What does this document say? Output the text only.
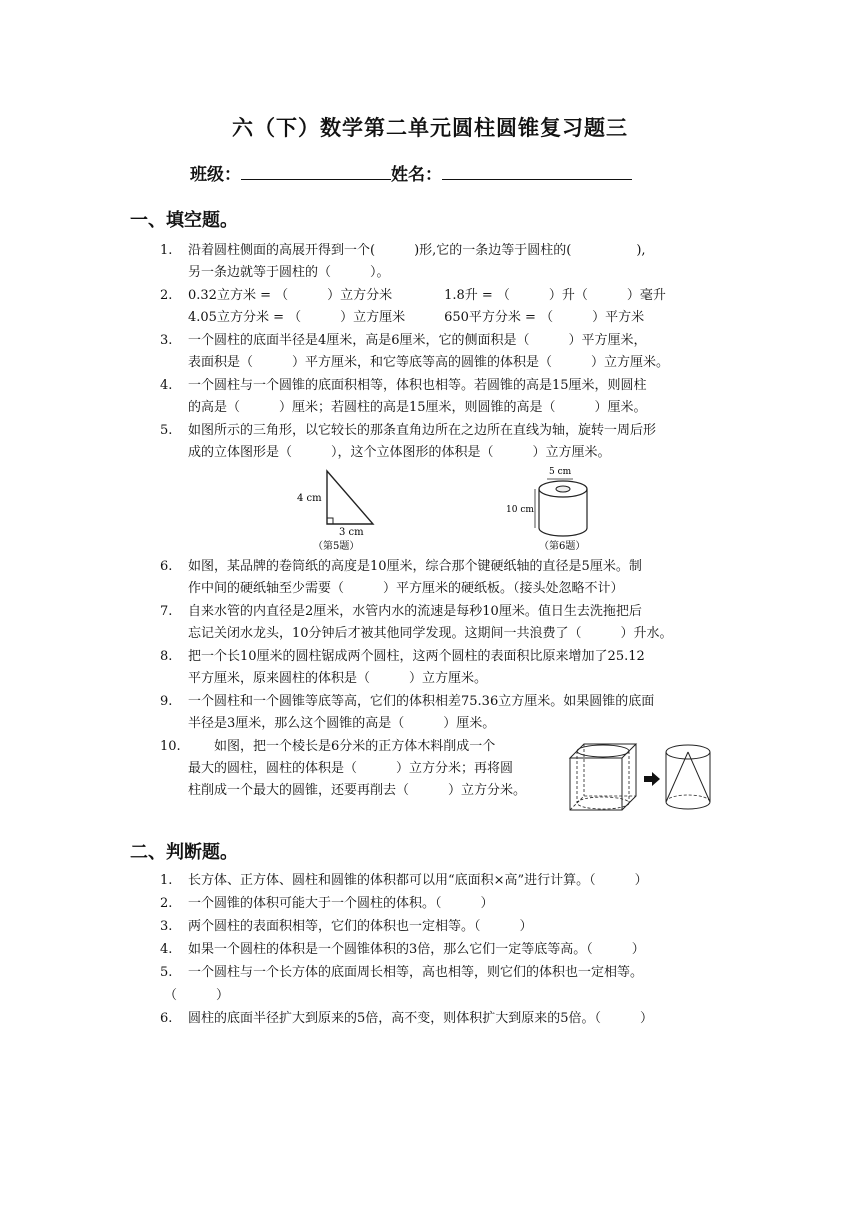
六（下）数学第二单元圆柱圆锥复习题三
班级：	姓名：
一、填空题。
1. 沿着圆柱侧面的高展开得到一个(　　　)形,它的一条边等于圆柱的(　　　　　),
另一条边就等于圆柱的（　　　）。
2. 0.32立方米 = （　　　）立方分米　　　　1.8升 = （　　　）升（　　　）毫升
4.05立方分米 = （　　　）立方厘米　　　650平方分米 = （　　　）平方米
3. 一个圆柱的底面半径是4厘米，高是6厘米，它的侧面积是（　　　）平方厘米，
表面积是（　　　）平方厘米，和它等底等高的圆锥的体积是（　　　）立方厘米。
4. 一个圆柱与一个圆锥的底面积相等，体积也相等。若圆锥的高是15厘米，则圆柱
的高是（　　　）厘米；若圆柱的高是15厘米，则圆锥的高是（　　　）厘米。
5. 如图所示的三角形，以它较长的那条直角边所在之边所在直线为轴，旋转一周后形
成的立体图形是（　　　），这个立体图形的体积是（　　　）立方厘米。
4 cm
3 cm
（第5题）
5 cm
10 cm
（第6题）
6. 如图，某品牌的卷筒纸的高度是10厘米，综合那个键硬纸轴的直径是5厘米。制
作中间的硬纸轴至少需要（　　　）平方厘米的硬纸板。（接头处忽略不计）
7. 自来水管的内直径是2厘米，水管内水的流速是每秒10厘米。值日生去洗拖把后
忘记关闭水龙头，10分钟后才被其他同学发现。这期间一共浪费了（　　　）升水。
8. 把一个长10厘米的圆柱锯成两个圆柱，这两个圆柱的表面积比原来增加了25.12
平方厘米，原来圆柱的体积是（　　　）立方厘米。
9. 一个圆柱和一个圆锥等底等高，它们的体积相差75.36立方厘米。如果圆锥的底面
半径是3厘米，那么这个圆锥的高是（　　　）厘米。
10.　　如图，把一个棱长是6分米的正方体木料削成一个
最大的圆柱，圆柱的体积是（　　　）立方分米；再将圆
柱削成一个最大的圆锥，还要再削去（　　　）立方分米。
二、判断题。
1. 长方体、正方体、圆柱和圆锥的体积都可以用“底面积×高”进行计算。（　　　）
2. 一个圆锥的体积可能大于一个圆柱的体积。（　　　）
3. 两个圆柱的表面积相等，它们的体积也一定相等。（　　　）
4. 如果一个圆柱的体积是一个圆锥体积的3倍，那么它们一定等底等高。（　　　）
5. 一个圆柱与一个长方体的底面周长相等，高也相等，则它们的体积也一定相等。
（　　　）
6. 圆柱的底面半径扩大到原来的5倍，高不变，则体积扩大到原来的5倍。（　　　）
